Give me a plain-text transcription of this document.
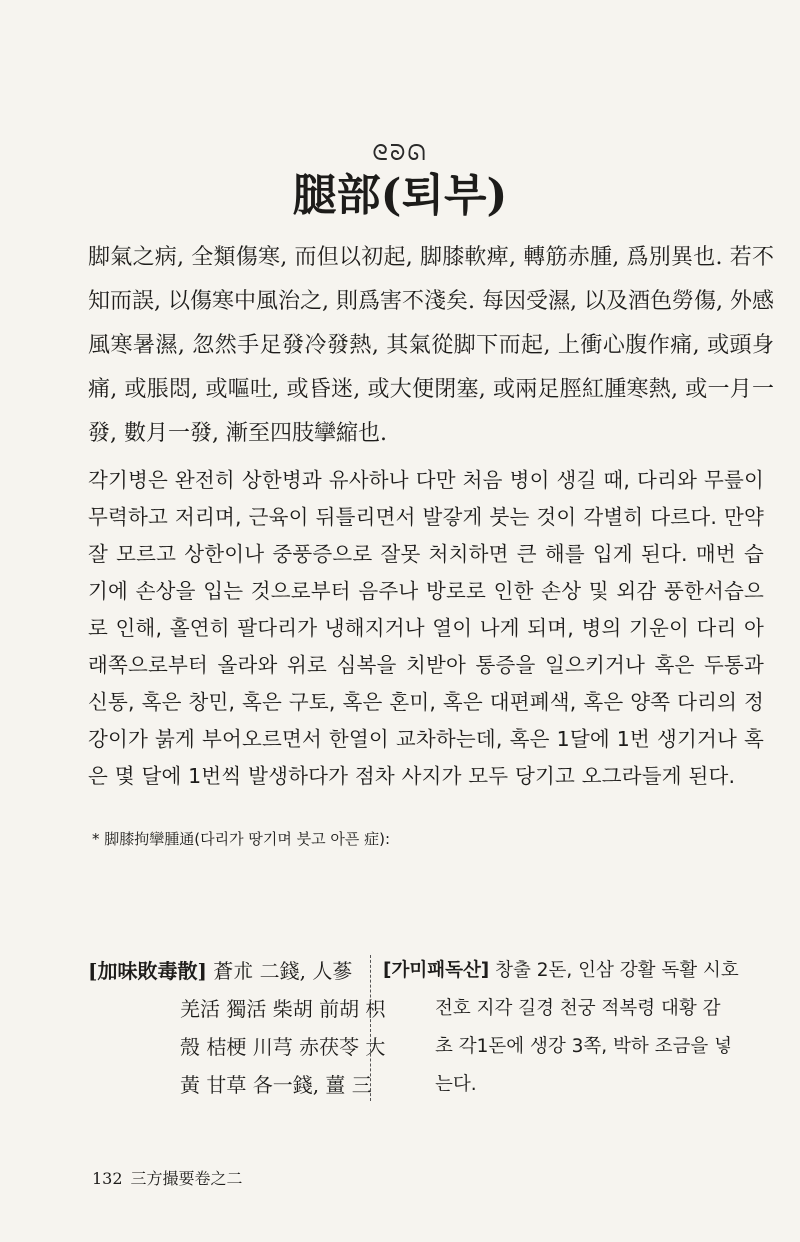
ᘓᘐᘏ
腿部(퇴부)
脚氣之病, 全類傷寒, 而但以初起, 脚膝軟痺, 轉筋赤腫, 爲別異也. 若不知而誤, 以傷寒中風治之, 則爲害不淺矣. 每因受濕, 以及酒色勞傷, 外感風寒暑濕, 忽然手足發冷發熱, 其氣從脚下而起, 上衝心腹作痛, 或頭身痛, 或脹悶, 或嘔吐, 或昏迷, 或大便閉塞, 或兩足脛紅腫寒熱, 或一月一發, 數月一發, 漸至四肢攣縮也.
각기병은 완전히 상한병과 유사하나 다만 처음 병이 생길 때, 다리와 무릎이 무력하고 저리며, 근육이 뒤틀리면서 발갛게 붓는 것이 각별히 다르다. 만약 잘 모르고 상한이나 중풍증으로 잘못 처치하면 큰 해를 입게 된다. 매번 습기에 손상을 입는 것으로부터 음주나 방로로 인한 손상 및 외감 풍한서습으로 인해, 홀연히 팔다리가 냉해지거나 열이 나게 되며, 병의 기운이 다리 아래쪽으로부터 올라와 위로 심복을 치받아 통증을 일으키거나 혹은 두통과 신통, 혹은 창민, 혹은 구토, 혹은 혼미, 혹은 대편폐색, 혹은 양쪽 다리의 정강이가 붉게 부어오르면서 한열이 교차하는데, 혹은 1달에 1번 생기거나 혹은 몇 달에 1번씩 발생하다가 점차 사지가 모두 당기고 오그라들게 된다.
* 脚膝拘攣腫通(다리가 땅기며 붓고 아픈 症):
[加味敗毒散] 蒼朮 二錢, 人蔘
羌活 獨活 柴胡 前胡 枳
殼 桔梗 川芎 赤茯苓 大
黃 甘草 各一錢, 薑 三
[가미패독산] 창출 2돈, 인삼 강활 독활 시호
전호 지각 길경 천궁 적복령 대황 감
초 각1돈에 생강 3쪽, 박하 조금을 넣
는다.
132 三方撮要卷之二
